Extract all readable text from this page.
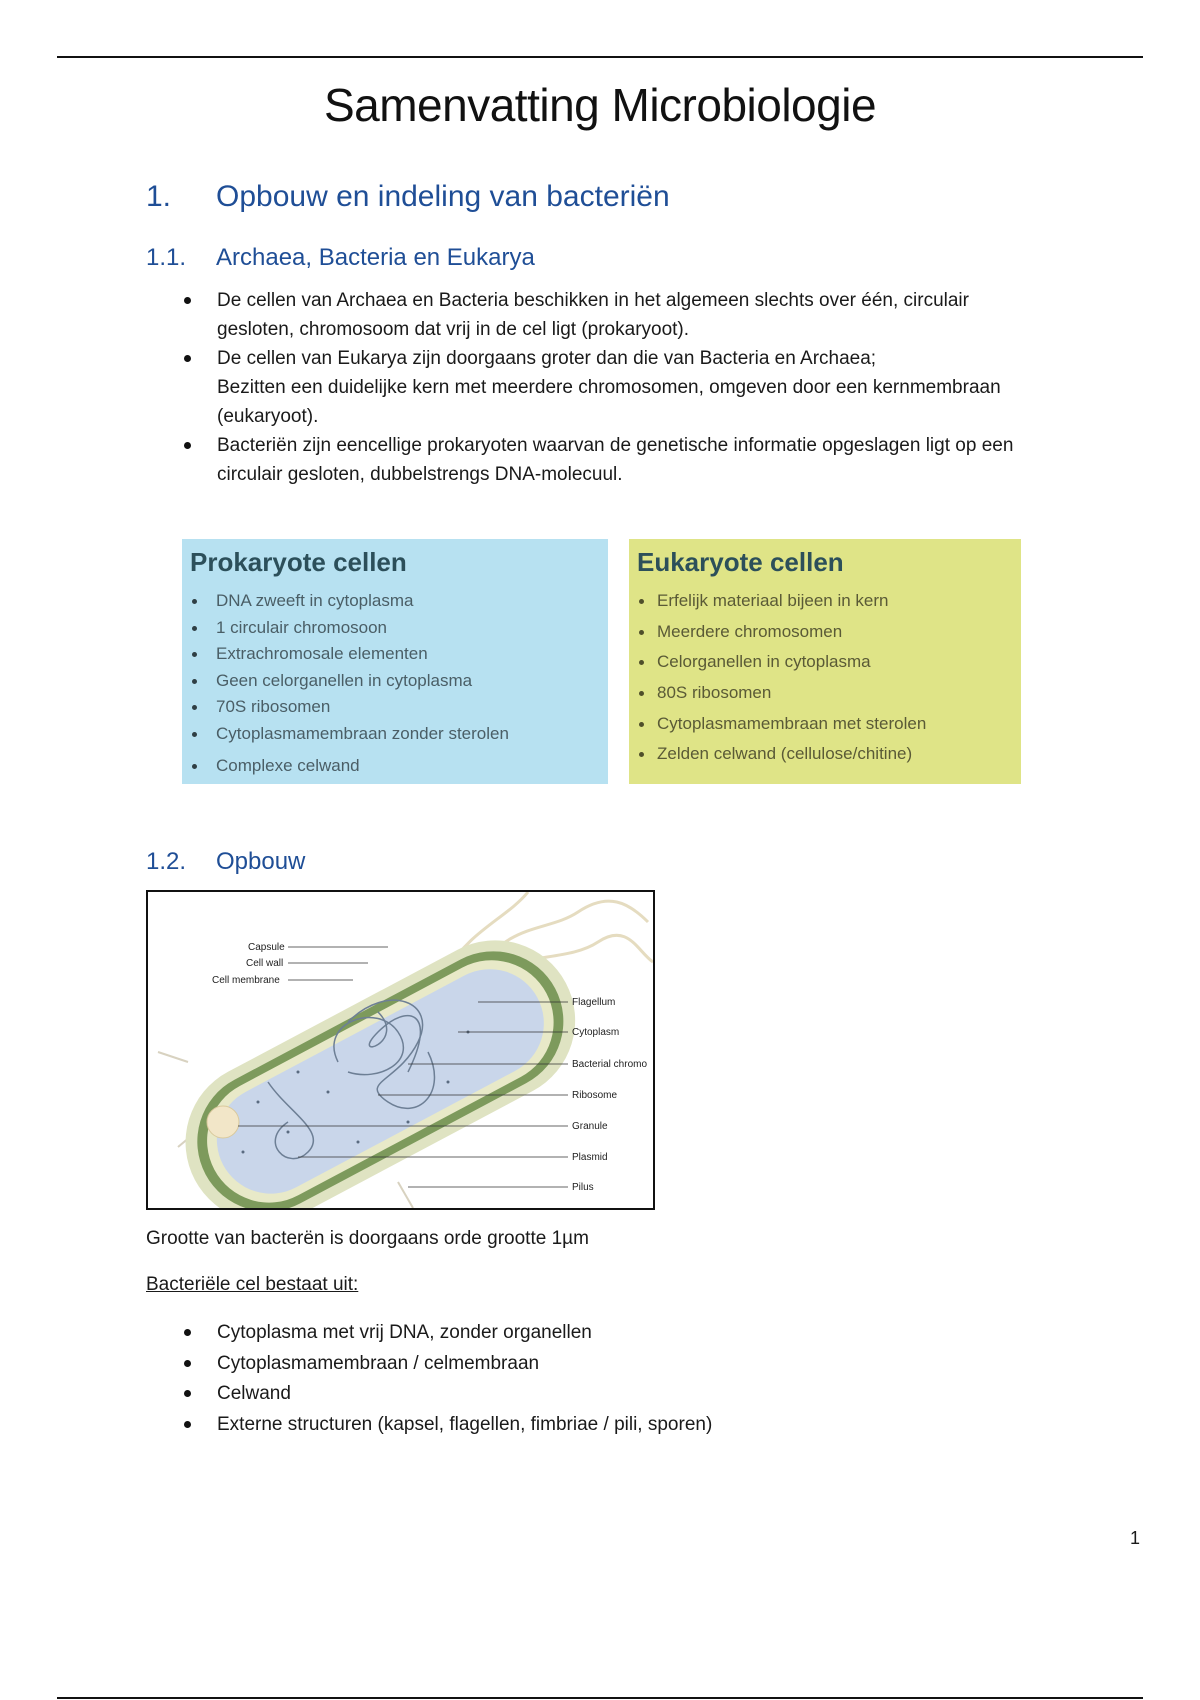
Samenvatting Microbiologie
1. Opbouw en indeling van bacteriën
1.1. Archaea, Bacteria en Eukarya
De cellen van Archaea en Bacteria beschikken in het algemeen slechts over één, circulair
gesloten, chromosoom dat vrij in de cel ligt (prokaryoot).
De cellen van Eukarya zijn doorgaans groter dan die van Bacteria en Archaea;
Bezitten een duidelijke kern met meerdere chromosomen, omgeven door een kernmembraan
(eukaryoot).
Bacteriën zijn eencellige prokaryoten waarvan de genetische informatie opgeslagen ligt op een
circulair gesloten, dubbelstrengs DNA-molecuul.
Prokaryote cellen
DNA zweeft in cytoplasma
1 circulair chromosoon
Extrachromosale elementen
Geen celorganellen in cytoplasma
70S ribosomen
Cytoplasmamembraan zonder sterolen
Complexe celwand
Eukaryote cellen
Erfelijk materiaal bijeen in kern
Meerdere chromosomen
Celorganellen in cytoplasma
80S ribosomen
Cytoplasmamembraan met sterolen
Zelden celwand (cellulose/chitine)
1.2. Opbouw
Capsule
Cell wall
Cell membrane
Flagellum
Cytoplasm
Bacterial chromo
Ribosome
Granule
Plasmid
Pilus
Grootte van bacterën is doorgaans orde grootte 1µm
Bacteriële cel bestaat uit:
Cytoplasma met vrij DNA, zonder organellen
Cytoplasmamembraan / celmembraan
Celwand
Externe structuren (kapsel, flagellen, fimbriae / pili, sporen)
1
